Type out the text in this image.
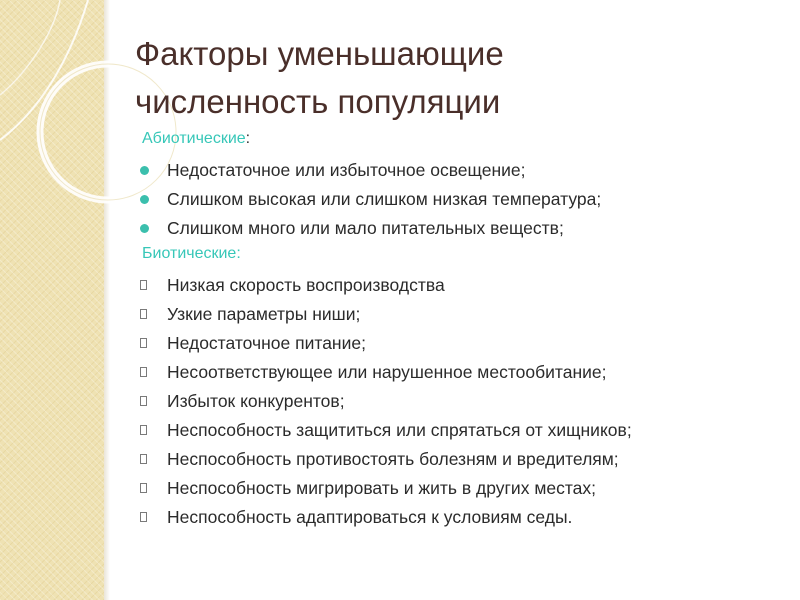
Факторы уменьшающие
численность популяции
Абиотические:
Недостаточное или избыточное освещение;
Слишком высокая или слишком низкая температура;
Слишком много или мало питательных веществ;
Биотические:
Низкая скорость воспроизводства
Узкие параметры ниши;
Недостаточное питание;
Несоответствующее или нарушенное местообитание;
Избыток конкурентов;
Неспособность защититься или спрятаться от хищников;
Неспособность противостоять болезням и вредителям;
Неспособность мигрировать и жить в других местах;
Неспособность адаптироваться к условиям седы.
